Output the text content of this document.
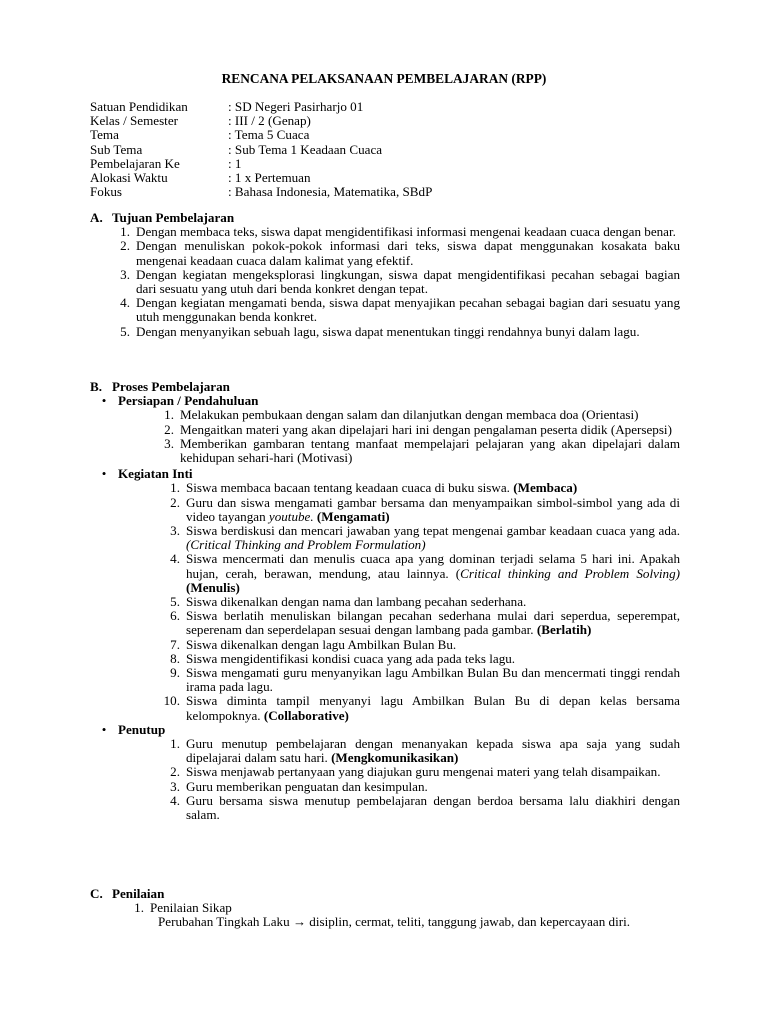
RENCANA PELAKSANAAN PEMBELAJARAN (RPP)
Satuan Pendidikan	: SD Negeri Pasirharjo 01
Kelas / Semester	: III / 2 (Genap)
Tema	: Tema 5 Cuaca
Sub Tema	: Sub Tema 1 Keadaan Cuaca
Pembelajaran Ke	: 1
Alokasi Waktu	: 1 x Pertemuan
Fokus	: Bahasa Indonesia, Matematika, SBdP
A. Tujuan Pembelajaran
1. Dengan membaca teks, siswa dapat mengidentifikasi informasi mengenai keadaan cuaca dengan benar.
2. Dengan menuliskan pokok-pokok informasi dari teks, siswa dapat menggunakan kosakata baku mengenai keadaan cuaca dalam kalimat yang efektif.
3. Dengan kegiatan mengeksplorasi lingkungan, siswa dapat mengidentifikasi pecahan sebagai bagian dari sesuatu yang utuh dari benda konkret dengan tepat.
4. Dengan kegiatan mengamati benda, siswa dapat menyajikan pecahan sebagai bagian dari sesuatu yang utuh menggunakan benda konkret.
5. Dengan menyanyikan sebuah lagu, siswa dapat menentukan tinggi rendahnya bunyi dalam lagu.
B. Proses Pembelajaran
• Persiapan / Pendahuluan
1. Melakukan pembukaan dengan salam dan dilanjutkan dengan membaca doa (Orientasi)
2. Mengaitkan materi yang akan dipelajari hari ini dengan pengalaman peserta didik (Apersepsi)
3. Memberikan gambaran tentang manfaat mempelajari pelajaran yang akan dipelajari dalam kehidupan sehari-hari (Motivasi)
• Kegiatan Inti
1. Siswa membaca bacaan tentang keadaan cuaca di buku siswa. (Membaca)
2. Guru dan siswa mengamati gambar bersama dan menyampaikan simbol-simbol yang ada di video tayangan youtube. (Mengamati)
3. Siswa berdiskusi dan mencari jawaban yang tepat mengenai gambar keadaan cuaca yang ada. (Critical Thinking and Problem Formulation)
4. Siswa mencermati dan menulis cuaca apa yang dominan terjadi selama 5 hari ini. Apakah hujan, cerah, berawan, mendung, atau lainnya. (Critical thinking and Problem Solving) (Menulis)
5. Siswa dikenalkan dengan nama dan lambang pecahan sederhana.
6. Siswa berlatih menuliskan bilangan pecahan sederhana mulai dari seperdua, seperempat, seperenam dan seperdelapan sesuai dengan lambang pada gambar. (Berlatih)
7. Siswa dikenalkan dengan lagu Ambilkan Bulan Bu.
8. Siswa mengidentifikasi kondisi cuaca yang ada pada teks lagu.
9. Siswa mengamati guru menyanyikan lagu Ambilkan Bulan Bu dan mencermati tinggi rendah irama pada lagu.
10. Siswa diminta tampil menyanyi lagu Ambilkan Bulan Bu di depan kelas bersama kelompoknya. (Collaborative)
• Penutup
1. Guru menutup pembelajaran dengan menanyakan kepada siswa apa saja yang sudah dipelajarai dalam satu hari. (Mengkomunikasikan)
2. Siswa menjawab pertanyaan yang diajukan guru mengenai materi yang telah disampaikan.
3. Guru memberikan penguatan dan kesimpulan.
4. Guru bersama siswa menutup pembelajaran dengan berdoa bersama lalu diakhiri dengan salam.
C. Penilaian
1. Penilaian Sikap
Perubahan Tingkah Laku → disiplin, cermat, teliti, tanggung jawab, dan kepercayaan diri.
